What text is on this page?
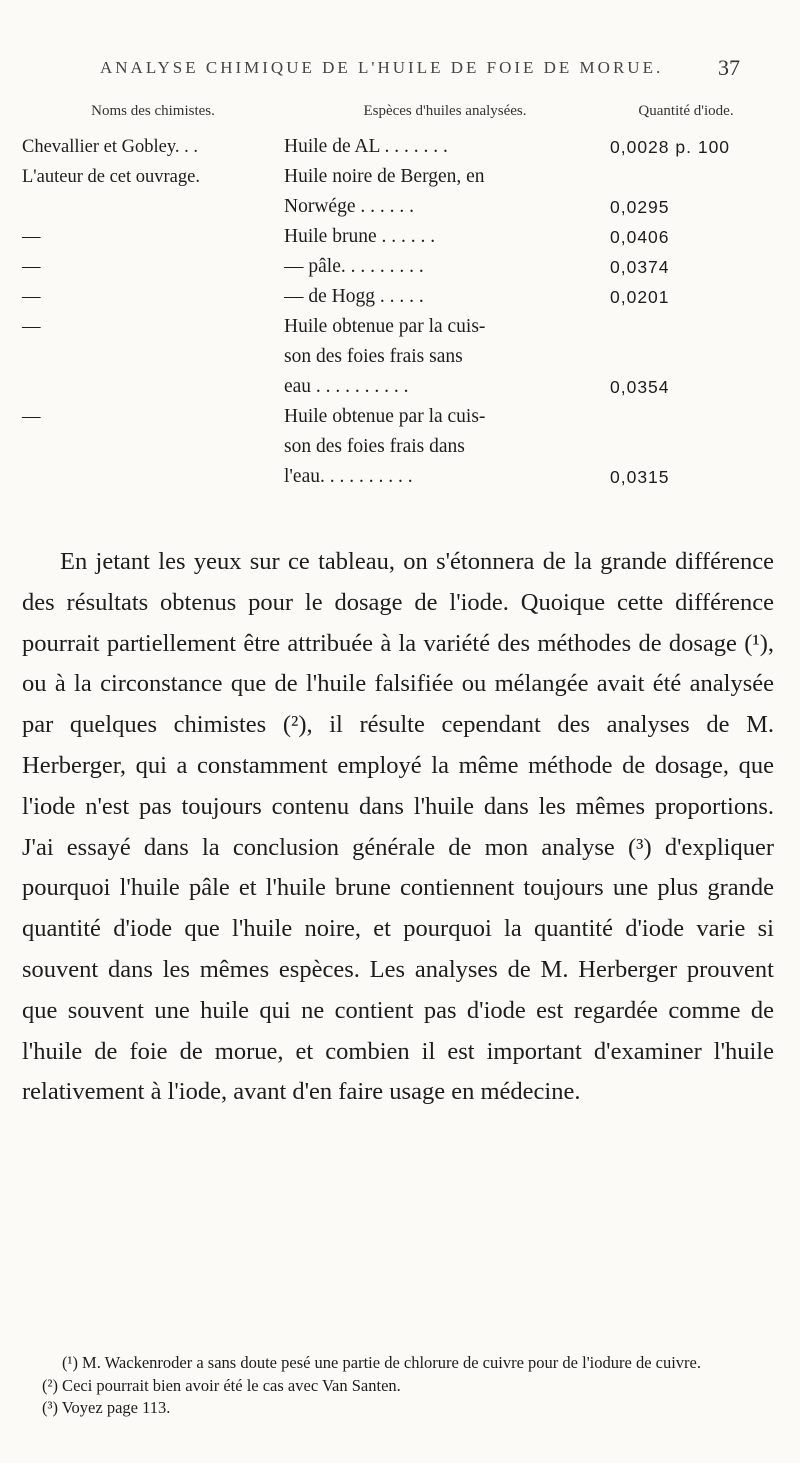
ANALYSE CHIMIQUE DE L'HUILE DE FOIE DE MORUE.	37
Noms des chimistes.	Espèces d'huiles analysées.	Quantité d'iode.
Chevallier et Gobley. . .	Huile de AL . . . . . . .	0,0028 p. 100
L'auteur de cet ouvrage.	Huile noire de Bergen, en	
	Norwége . . . . . .	0,0295
—	Huile brune . . . . . .	0,0406
—	— pâle. . . . . . . . .	0,0374
—	— de Hogg . . . . .	0,0201
—	Huile obtenue par la cuis-	
	son des foies frais sans	
	eau . . . . . . . . . .	0,0354
—	Huile obtenue par la cuis-	
	son des foies frais dans	
	l'eau. . . . . . . . . .	0,0315
En jetant les yeux sur ce tableau, on s'étonnera de la grande différence des résultats obtenus pour le dosage de l'iode. Quoique cette différence pourrait partiellement être attribuée à la variété des méthodes de dosage (¹), ou à la circonstance que de l'huile falsifiée ou mélangée avait été analysée par quelques chimistes (²), il résulte cependant des analyses de M. Herberger, qui a constamment employé la même méthode de dosage, que l'iode n'est pas toujours contenu dans l'huile dans les mêmes proportions. J'ai essayé dans la conclusion générale de mon analyse (³) d'expliquer pourquoi l'huile pâle et l'huile brune contiennent toujours une plus grande quantité d'iode que l'huile noire, et pourquoi la quantité d'iode varie si souvent dans les mêmes espèces. Les analyses de M. Herberger prouvent que souvent une huile qui ne contient pas d'iode est regardée comme de l'huile de foie de morue, et combien il est important d'examiner l'huile relativement à l'iode, avant d'en faire usage en médecine.

(¹) M. Wackenroder a sans doute pesé une partie de chlorure de cuivre pour de l'iodure de cuivre.

(²) Ceci pourrait bien avoir été le cas avec Van Santen.

(³) Voyez page 113.
